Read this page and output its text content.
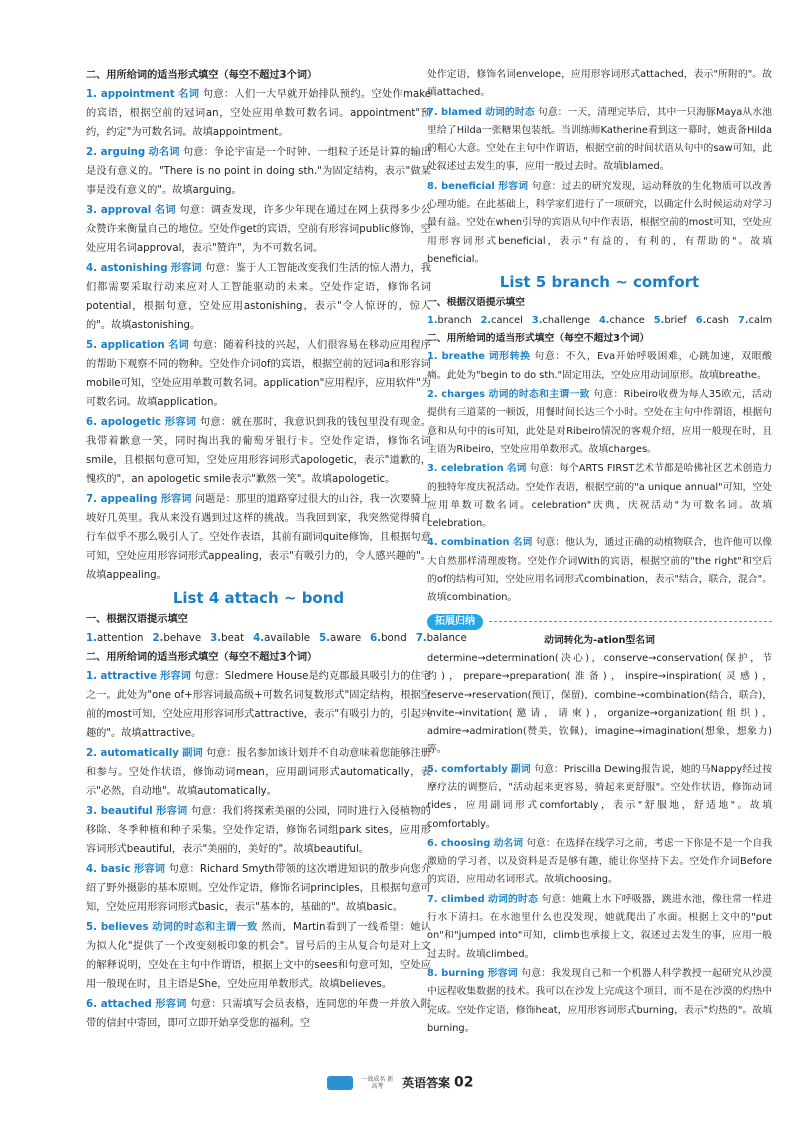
二、用所给词的适当形式填空（每空不超过3个词）

1. appointment 名词 句意：人们一大早就开始排队预约。空处作make的宾语，根据空前的冠词an，空处应用单数可数名词。appointment"预约，约定"为可数名词。故填appointment。

2. arguing 动名词 句意：争论宇宙是一个时钟、一组粒子还是计算的输出是没有意义的。"There is no point in doing sth."为固定结构，表示"做某事是没有意义的"。故填arguing。

3. approval 名词 句意：调查发现，许多少年现在通过在网上获得多少公众赞许来衡量自己的地位。空处作get的宾语，空前有形容词public修饰，空处应用名词approval，表示"赞许"，为不可数名词。

4. astonishing 形容词 句意：鉴于人工智能改变我们生活的惊人潜力，我们都需要采取行动来应对人工智能驱动的未来。空处作定语，修饰名词potential，根据句意，空处应用astonishing，表示"令人惊讶的，惊人的"。故填astonishing。

5. application 名词 句意：随着科技的兴起，人们很容易在移动应用程序的帮助下观察不同的物种。空处作介词of的宾语，根据空前的冠词a和形容词mobile可知，空处应用单数可数名词。application"应用程序，应用软件"为可数名词。故填application。

6. apologetic 形容词 句意：就在那时，我意识到我的钱包里没有现金。我带着歉意一笑，同时掏出我的葡萄牙银行卡。空处作定语，修饰名词smile，且根据句意可知，空处应用形容词形式apologetic，表示"道歉的，愧疚的"，an apologetic smile表示"歉然一笑"。故填apologetic。

7. appealing 形容词 问题是：那里的道路穿过很大的山谷，我一次要骑上坡好几英里。我从来没有遇到过这样的挑战。当我回到家，我突然觉得骑自行车似乎不那么吸引人了。空处作表语，其前有副词quite修饰，且根据句意可知，空处应用形容词形式appealing，表示"有吸引力的，令人感兴趣的"。故填appealing。

List 4 attach ~ bond

一、根据汉语提示填空

1.attention 2.behave 3.beat 4.available 5.aware 6.bond 7.balance

二、用所给词的适当形式填空（每空不超过3个词）

1. attractive 形容词 句意：Sledmere House是约克郡最具吸引力的住宅之一。此处为"one of+形容词最高级+可数名词复数形式"固定结构，根据空前的most可知，空处应用形容词形式attractive，表示"有吸引力的，引起兴趣的"。故填attractive。

2. automatically 副词 句意：报名参加该计划并不自动意味着您能够注册和参与。空处作状语，修饰动词mean，应用副词形式automatically，表示"必然，自动地"。故填automatically。

3. beautiful 形容词 句意：我们将探索美丽的公园，同时进行入侵植物的移除、冬季种植和种子采集。空处作定语，修饰名词组park sites，应用形容词形式beautiful，表示"美丽的，美好的"。故填beautiful。

4. basic 形容词 句意：Richard Smyth带领的这次增进知识的散步向您介绍了野外摄影的基本原则。空处作定语，修饰名词principles，且根据句意可知，空处应用形容词形式basic，表示"基本的，基础的"。故填basic。

5. believes 动词的时态和主谓一致 然而，Martin看到了一线希望：她认为拟人化"提供了一个改变刻板印象的机会"。冒号后的主从复合句是对上文的解释说明，空处在主句中作谓语，根据上文中的sees和句意可知，空处应用一般现在时，且主语是She，空处应用单数形式。故填believes。

6. attached 形容词 句意：只需填写会员表格，连同您的年费一并放入附带的信封中寄回，即可立即开始享受您的福利。空

处作定语，修饰名词envelope，应用形容词形式attached，表示"所附的"。故填attached。

7. blamed 动词的时态 句意：一天，清理完毕后，其中一只海豚Maya从水池里给了Hilda一张糖果包装纸。当训练师Katherine看到这一幕时，她责备Hilda的粗心大意。空处在主句中作谓语，根据空前的时间状语从句中的saw可知，此处叙述过去发生的事，应用一般过去时。故填blamed。

8. beneficial 形容词 句意：过去的研究发现，运动释放的生化物质可以改善心理功能。在此基础上，科学家们进行了一项研究，以确定什么时候运动对学习最有益。空处在when引导的宾语从句中作表语，根据空前的most可知，空处应用形容词形式beneficial，表示"有益的，有利的，有帮助的"。故填beneficial。

List 5 branch ~ comfort

一、根据汉语提示填空

1.branch 2.cancel 3.challenge 4.chance 5.brief 6.cash 7.calm

二、用所给词的适当形式填空（每空不超过3个词）

1. breathe 词形转换 句意：不久，Eva开始呼吸困难，心跳加速，双眼酸痛。此处为"begin to do sth."固定用法，空处应用动词原形。故填breathe。

2. charges 动词的时态和主谓一致 句意：Ribeiro收费为每人35欧元，活动提供有三道菜的一顿饭，用餐时间长达三个小时。空处在主句中作谓语，根据句意和从句中的is可知，此处是对Ribeiro情况的客观介绍，应用一般现在时，且主语为Ribeiro，空处应用单数形式。故填charges。

3. celebration 名词 句意：每个ARTS FIRST艺术节都是哈佛社区艺术创造力的独特年度庆祝活动。空处作表语，根据空前的"a unique annual"可知，空处应用单数可数名词。celebration"庆典，庆祝活动"为可数名词。故填celebration。

4. combination 名词 句意：他认为，通过正确的动植物联合，也许他可以像大自然那样清理废物。空处作介词With的宾语，根据空前的"the right"和空后的of的结构可知，空处应用名词形式combination，表示"结合，联合，混合"。故填combination。

拓展归纳

动词转化为-ation型名词

determine→determination(决心)，conserve→conservation(保护，节约)，prepare→preparation(准备)，inspire→inspiration(灵感)，reserve→reservation(预订，保留)，combine→combination(结合，联合)，invite→invitation(邀请，请柬)，organize→organization(组织)，admire→admiration(赞美，钦佩)，imagine→imagination(想象，想象力)等。

5. comfortably 副词 句意：Priscilla Dewing报告说，她的马Nappy经过按摩疗法的调整后，"活动起来更容易，骑起来更舒服"。空处作状语，修饰动词rides，应用副词形式comfortably，表示"舒服地，舒适地"。故填comfortably。

6. choosing 动名词 句意：在选择在线学习之前，考虑一下你是不是一个自我激励的学习者，以及资料是否是够有趣，能让你坚持下去。空处作介词Before的宾语，应用动名词形式。故填choosing。

7. climbed 动词的时态 句意：她戴上水下呼吸器，跳进水池，像往常一样进行水下清扫。在水池里什么也没发现，她就爬出了水面。根据上文中的"put on"和"jumped into"可知，climb也承接上文，叙述过去发生的事，应用一般过去时。故填climbed。

8. burning 形容词 句意：我发现自己和一个机器人科学教授一起研究从沙漠中远程收集数据的技术。我可以在沙发上完成这个项目，而不是在沙漠的灼热中完成。空处作定语，修饰heat，应用形容词形式burning，表示"灼热的"。故填burning。

一战成名 新高考 英语答案 02
